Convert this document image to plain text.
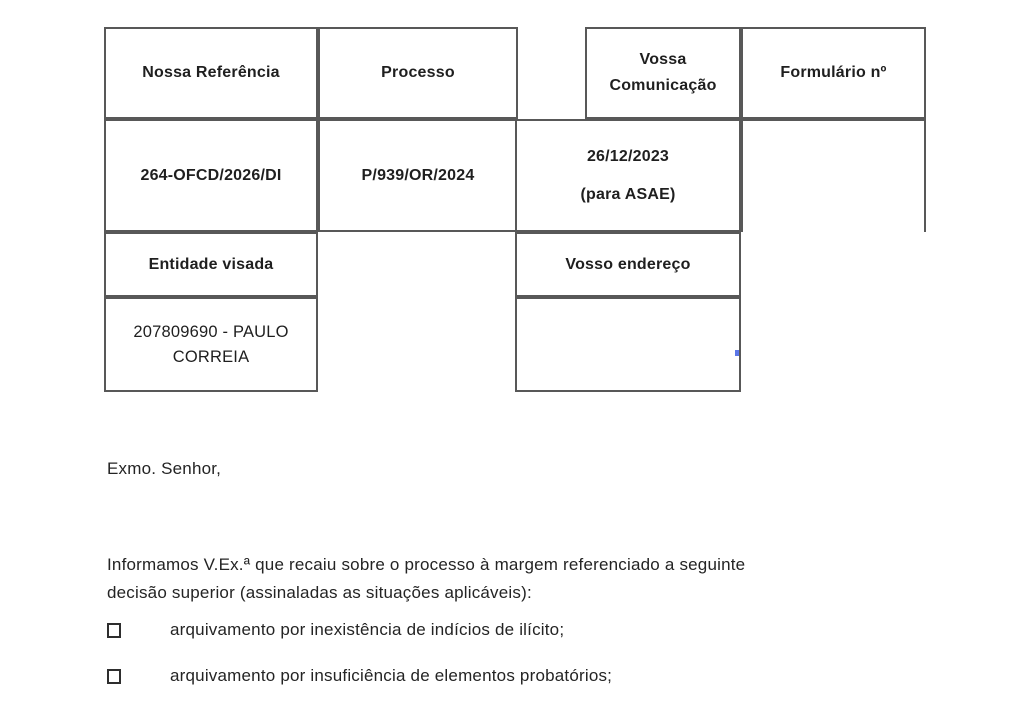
Nossa Referência	Processo
264-OFCD/2026/DI	P/939/OR/2024
Entidade visada
207809690 - PAULO CORREIA
Vossa Comunicação
Formulário nº
26/12/2023
(para ASAE)
Vosso endereço
Exmo. Senhor,
Informamos V.Ex.ª que recaiu sobre o processo à margem referenciado a seguinte
decisão superior (assinaladas as situações aplicáveis):
arquivamento por inexistência de indícios de ilícito;
arquivamento por insuficiência de elementos probatórios;
